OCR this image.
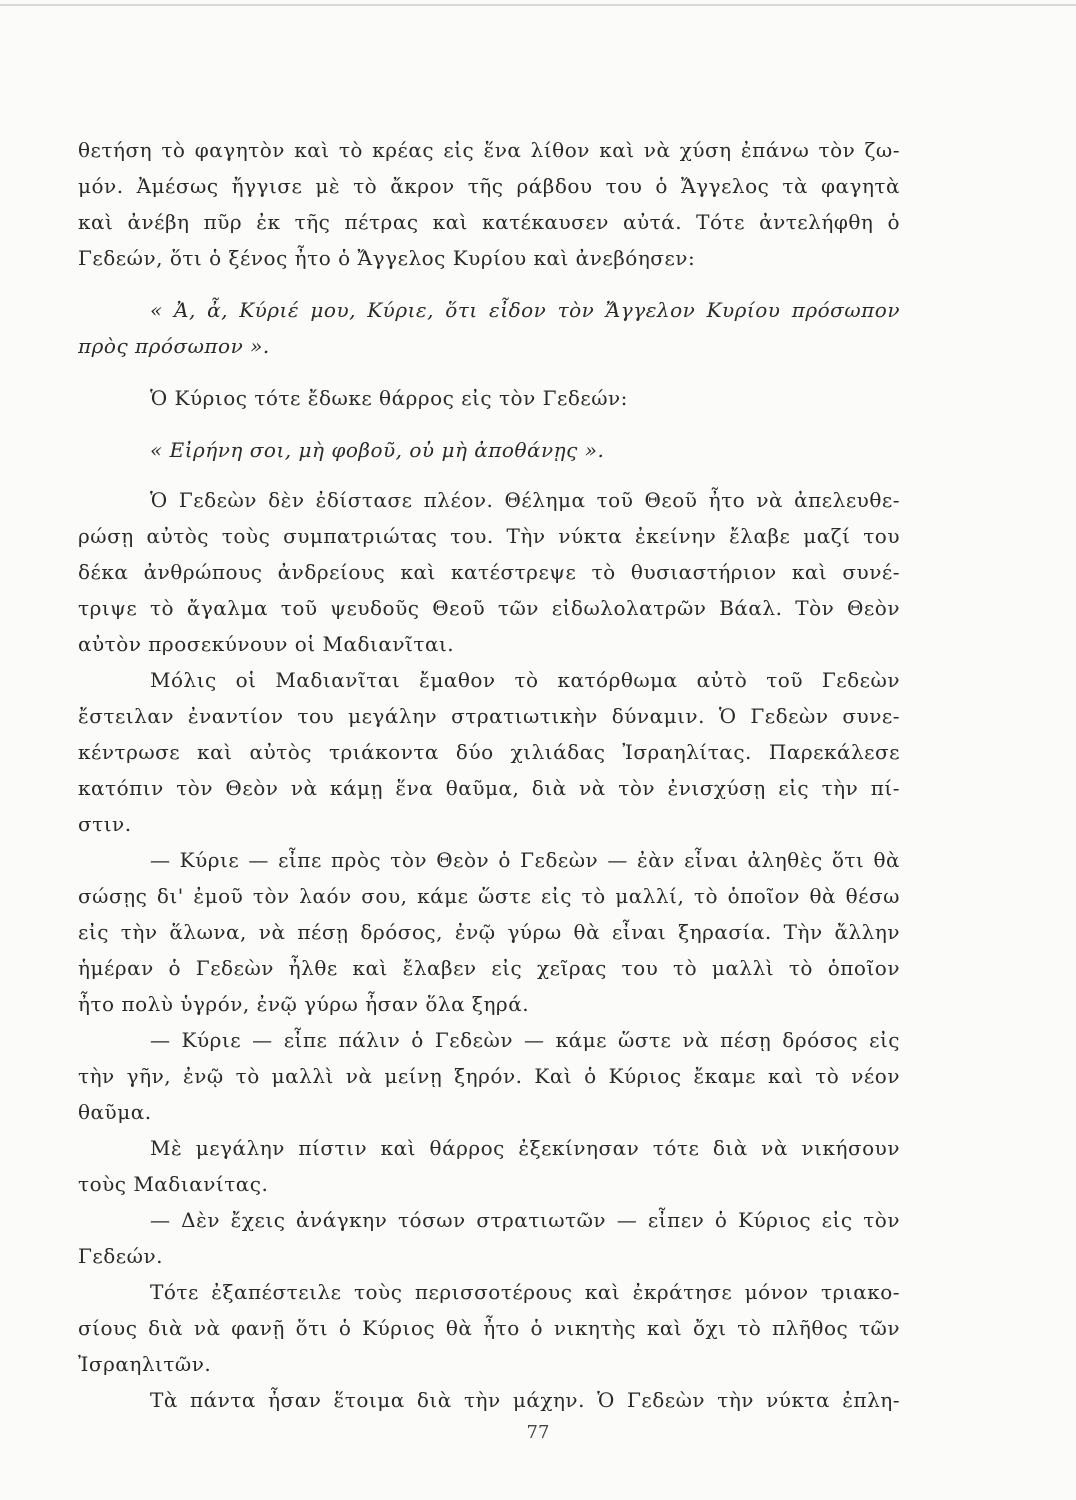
θετήση τὸ φαγητὸν καὶ τὸ κρέας εἰς ἕνα λίθον καὶ νὰ χύση ἐπάνω τὸν ζω-
μόν. Ἀμέσως ἤγγισε μὲ τὸ ἄκρον τῆς ράβδου του ὁ Ἄγγελος τὰ φαγητὰ
καὶ ἀνέβη πῦρ ἐκ τῆς πέτρας καὶ κατέκαυσεν αὐτά. Τότε ἀντελήφθη ὁ
Γεδεών, ὅτι ὁ ξένος ἦτο ὁ Ἄγγελος Κυρίου καὶ ἀνεβόησεν:
« Ἀ, ἆ, Κύριέ μου, Κύριε, ὅτι εἶδον τὸν Ἄγγελον Κυρίου πρόσωπον
πρὸς πρόσωπον ».
Ὁ Κύριος τότε ἔδωκε θάρρος εἰς τὸν Γεδεών:
« Εἰρήνη σοι, μὴ φοβοῦ, οὐ μὴ ἀποθάνῃς ».
Ὁ Γεδεὼν δὲν ἐδίστασε πλέον. Θέλημα τοῦ Θεοῦ ἦτο νὰ ἀπελευθε-
ρώσῃ αὐτὸς τοὺς συμπατριώτας του. Τὴν νύκτα ἐκείνην ἔλαβε μαζί του
δέκα ἀνθρώπους ἀνδρείους καὶ κατέστρεψε τὸ θυσιαστήριον καὶ συνέ-
τριψε τὸ ἄγαλμα τοῦ ψευδοῦς Θεοῦ τῶν εἰδωλολατρῶν Βάαλ. Τὸν Θεὸν
αὐτὸν προσεκύνουν οἱ Μαδιανῖται.
Μόλις οἱ Μαδιανῖται ἔμαθον τὸ κατόρθωμα αὐτὸ τοῦ Γεδεὼν
ἔστειλαν ἐναντίον του μεγάλην στρατιωτικὴν δύναμιν. Ὁ Γεδεὼν συνε-
κέντρωσε καὶ αὐτὸς τριάκοντα δύο χιλιάδας Ἰσραηλίτας. Παρεκάλεσε
κατόπιν τὸν Θεὸν νὰ κάμῃ ἕνα θαῦμα, διὰ νὰ τὸν ἐνισχύσῃ εἰς τὴν πί-
στιν.
— Κύριε — εἶπε πρὸς τὸν Θεὸν ὁ Γεδεὼν — ἐὰν εἶναι ἀληθὲς ὅτι θὰ
σώσῃς δι' ἐμοῦ τὸν λαόν σου, κάμε ὥστε εἰς τὸ μαλλί, τὸ ὁποῖον θὰ θέσω
εἰς τὴν ἅλωνα, νὰ πέσῃ δρόσος, ἐνῷ γύρω θὰ εἶναι ξηρασία. Τὴν ἄλλην
ἡμέραν ὁ Γεδεὼν ἦλθε καὶ ἔλαβεν εἰς χεῖρας του τὸ μαλλὶ τὸ ὁποῖον
ἦτο πολὺ ὑγρόν, ἐνῷ γύρω ἦσαν ὅλα ξηρά.
— Κύριε — εἶπε πάλιν ὁ Γεδεὼν — κάμε ὥστε νὰ πέσῃ δρόσος εἰς
τὴν γῆν, ἐνῷ τὸ μαλλὶ νὰ μείνῃ ξηρόν. Καὶ ὁ Κύριος ἔκαμε καὶ τὸ νέον
θαῦμα.
Μὲ μεγάλην πίστιν καὶ θάρρος ἐξεκίνησαν τότε διὰ νὰ νικήσουν
τοὺς Μαδιανίτας.
— Δὲν ἔχεις ἀνάγκην τόσων στρατιωτῶν — εἶπεν ὁ Κύριος εἰς τὸν
Γεδεών.
Τότε ἐξαπέστειλε τοὺς περισσοτέρους καὶ ἐκράτησε μόνον τριακο-
σίους διὰ νὰ φανῇ ὅτι ὁ Κύριος θὰ ἦτο ὁ νικητὴς καὶ ὄχι τὸ πλῆθος τῶν
Ἰσραηλιτῶν.
Τὰ πάντα ἦσαν ἕτοιμα διὰ τὴν μάχην. Ὁ Γεδεὼν τὴν νύκτα ἐπλη-
77
